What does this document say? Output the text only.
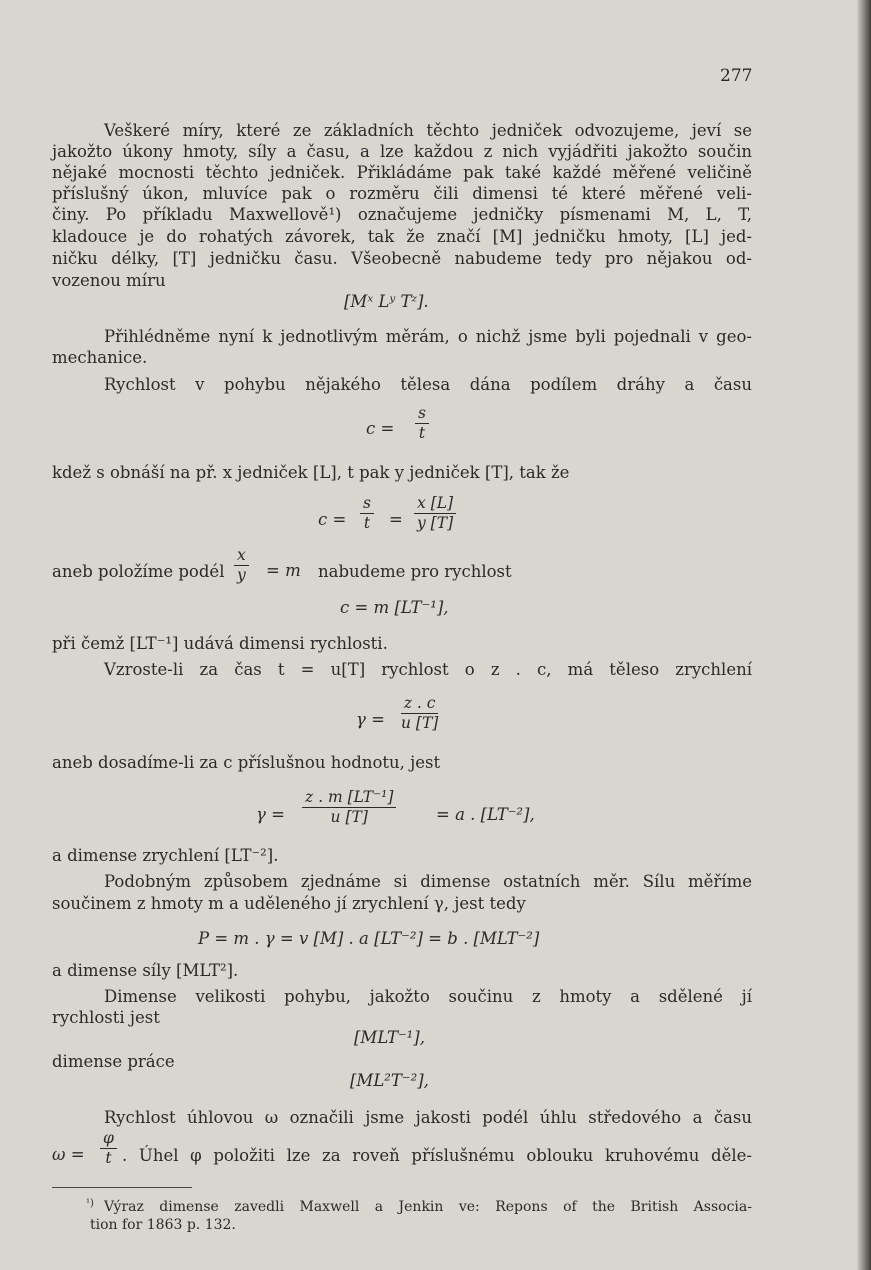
277
Veškeré míry, které ze základních těchto jedniček odvozujeme, jeví se
jakožto úkony hmoty, síly a času, a lze každou z nich vyjádřiti jakožto součin
nějaké mocnosti těchto jedniček. Přikládáme pak také každé měřené veličině
příslušný úkon, mluvíce pak o rozměru čili dimensi té které měřené veli-
činy. Po příkladu Maxwellově¹) označujeme jedničky písmenami M, L, T,
kladouce je do rohatých závorek, tak že značí [M] jedničku hmoty, [L] jed-
ničku délky, [T] jedničku času. Všeobecně nabudeme tedy pro nějakou od-
vozenou míru
[Mˣ Lʸ Tᶻ].
Přihlédněme nyní k jednotlivým měrám, o nichž jsme byli pojednali v geo-
mechanice.
Rychlost v pohybu nějakého tělesa dána podílem dráhy a času
$c = \frac{s}{t}$
kdež s obnáší na př. x jedniček [L], t pak y jedniček [T], tak že
$c = \frac{s}{t} = \frac{x [L]}{y [T]}$
aneb položíme podél $\frac{x}{y} = m$ nabudeme pro rychlost
c = m [LT⁻¹],
při čemž [LT⁻¹] udává dimensi rychlosti.
Vzroste-li za čas t = u[T] rychlost o z . c, má těleso zrychlení
$\gamma = \frac{z . c}{u [T]}$
aneb dosadíme-li za c příslušnou hodnotu, jest
$\gamma = \frac{\text{z . m [LT⁻¹]}}{u [T]} = a$ . [LT⁻²],
a dimense zrychlení [LT⁻²].
Podobným způsobem zjednáme si dimense ostatních měr. Sílu měříme
součinem z hmoty m a uděleného jí zrychlení γ, jest tedy
P = m . γ = v [M] . a [LT⁻²] = b . [MLT⁻²]
a dimense síly [MLT²].
Dimense velikosti pohybu, jakožto součinu z hmoty a sdělené jí
rychlosti jest
[MLT⁻¹],
dimense práce
[ML²T⁻²],
Rychlost úhlovou ω označili jsme jakosti podél úhlu středového a času
$\omega = \frac{\varphi}{t}$ . Úhel φ položiti lze za roveň příslušnému oblouku kruhovému děle-
¹) Výraz dimense zavedli Maxwell a Jenkin ve: Repons of the British Associa-
tion for 1863 p. 132.
